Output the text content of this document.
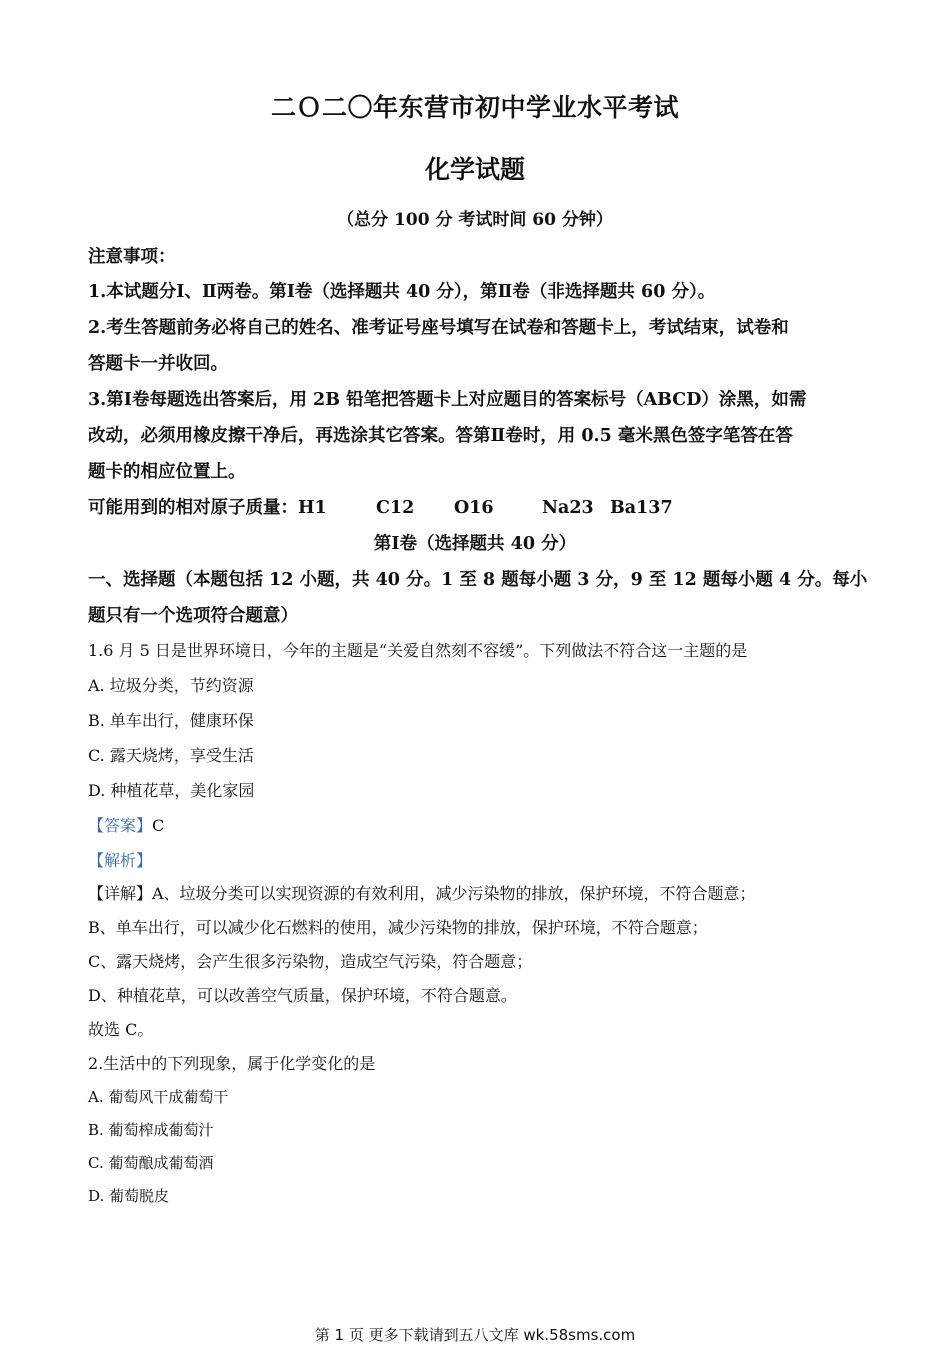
二Ｏ二〇年东营市初中学业水平考试
化学试题
（总分 100 分 考试时间 60 分钟）
注意事项：
1.本试题分Ⅰ、Ⅱ两卷。第Ⅰ卷（选择题共 40 分），第Ⅱ卷（非选择题共 60 分）。
2.考生答题前务必将自己的姓名、准考证号座号填写在试卷和答题卡上，考试结束，试卷和
答题卡一并收回。
3.第Ⅰ卷每题选出答案后，用 2B 铅笔把答题卡上对应题目的答案标号（ABCD）涂黑，如需
改动，必须用橡皮擦干净后，再选涂其它答案。答第Ⅱ卷时，用 0.5 毫米黑色签字笔答在答
题卡的相应位置上。
可能用到的相对原子质量：H1	C12 O16	Na23 Ba137
第Ⅰ卷（选择题共 40 分）
一、选择题（本题包括 12 小题，共 40 分。1 至 8 题每小题 3 分，9 至 12 题每小题 4 分。每小
题只有一个选项符合题意）
1.6 月 5 日是世界环境日，今年的主题是“关爱自然刻不容缓”。下列做法不符合这一主题的是
A. 垃圾分类，节约资源
B. 单车出行，健康环保
C. 露天烧烤，享受生活
D. 种植花草，美化家园
【答案】C
【解析】
【详解】A、垃圾分类可以实现资源的有效利用，减少污染物的排放，保护环境，不符合题意；
B、单车出行，可以减少化石燃料的使用，减少污染物的排放，保护环境，不符合题意；
C、露天烧烤，会产生很多污染物，造成空气污染，符合题意；
D、种植花草，可以改善空气质量，保护环境，不符合题意。
故选 C。
2.生活中的下列现象，属于化学变化的是
A. 葡萄风干成葡萄干
B. 葡萄榨成葡萄汁
C. 葡萄酿成葡萄酒
D. 葡萄脱皮
第 1 页 更多下载请到五八文库 wk.58sms.com
